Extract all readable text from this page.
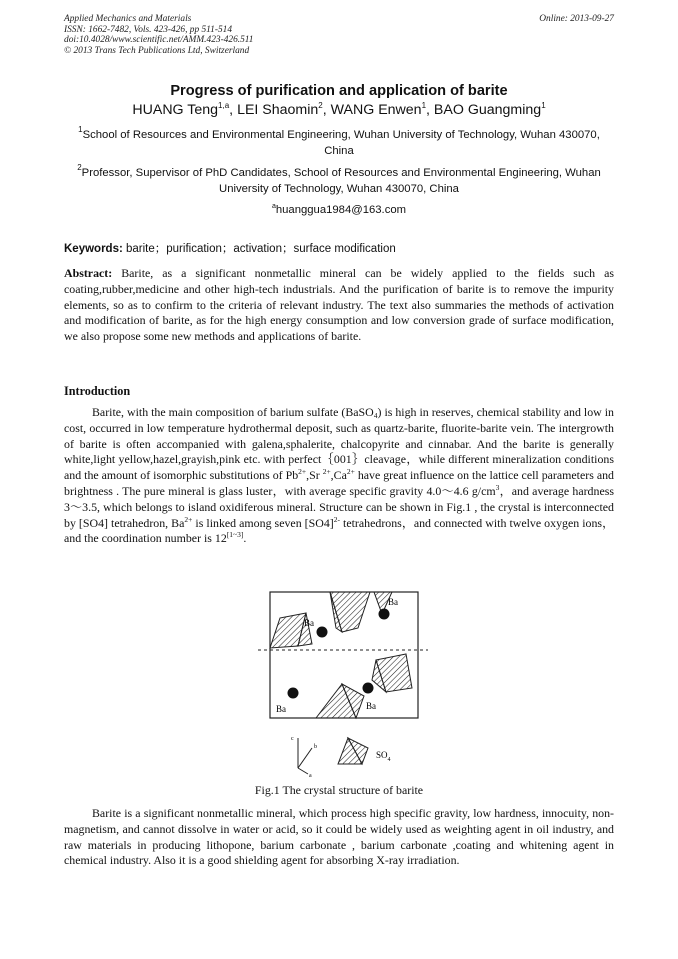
Applied Mechanics and Materials
ISSN: 1662-7482, Vols. 423-426, pp 511-514
doi:10.4028/www.scientific.net/AMM.423-426.511
© 2013 Trans Tech Publications Ltd, Switzerland
Online: 2013-09-27
Progress of purification and application of barite
HUANG Teng$^{1,a}$, LEI Shaomin$^2$, WANG Enwen$^1$, BAO Guangming$^1$
$^1$School of Resources and Environmental Engineering, Wuhan University of Technology, Wuhan 430070, China
$^2$Professor, Supervisor of PhD Candidates, School of Resources and Environmental Engineering, Wuhan University of Technology, Wuhan 430070, China
$^a$huanggua1984@163.com
Keywords: barite；purification；activation；surface modification
Abstract: Barite, as a significant nonmetallic mineral can be widely applied to the fields such as coating,rubber,medicine and other high-tech industrials. And the purification of barite is to remove the impurity elements, so as to confirm to the criteria of relevant industry. The text also summaries the methods of activation and modification of barite, as for the high energy consumption and low conversion grade of surface modification, we also propose some new methods and applications of barite.
Introduction
Barite, with the main composition of barium sulfate (BaSO$_4$) is high in reserves, chemical stability and low in cost, occurred in low temperature hydrothermal deposit, such as quartz-barite, fluorite-barite vein. The intergrowth of barite is often accompanied with galena,sphalerite, chalcopyrite and cinnabar. And the barite is generally white,light yellow,hazel,grayish,pink etc. with perfect｛001｝cleavage，while different mineralization conditions and the amount of isomorphic substitutions of $Pb^{2+},Sr$ $^{2+},Ca^{2+}$ have great influence on the lattice cell parameters and brightness . The pure mineral is glass luster，with average specific gravity 4.0～4.6 $g/cm^3$，and average hardness 3～3.5, which belongs to island oxidiferous mineral. Structure can be shown in Fig.1 , the crystal is interconnected by [SO4] tetrahedron, $Ba^{2+}$ is linked among seven $[SO4]^{2-}$ tetrahedrons，and connected with twelve oxygen ions，and the coordination number is 12[1~3].
Ba
Ba
Ba	Ba
c
b
a
$SO_4$
Fig.1 The crystal structure of barite
Barite is a significant nonmetallic mineral, which process high specific gravity, low hardness, innocuity, non-magnetism, and cannot dissolve in water or acid, so it could be widely used as weighting agent in oil industry, and raw materials in producing lithopone, barium carbonate , barium carbonate ,coating and whitening agent in chemical industry. Also it is a good shielding agent for absorbing X-ray irradiation.
